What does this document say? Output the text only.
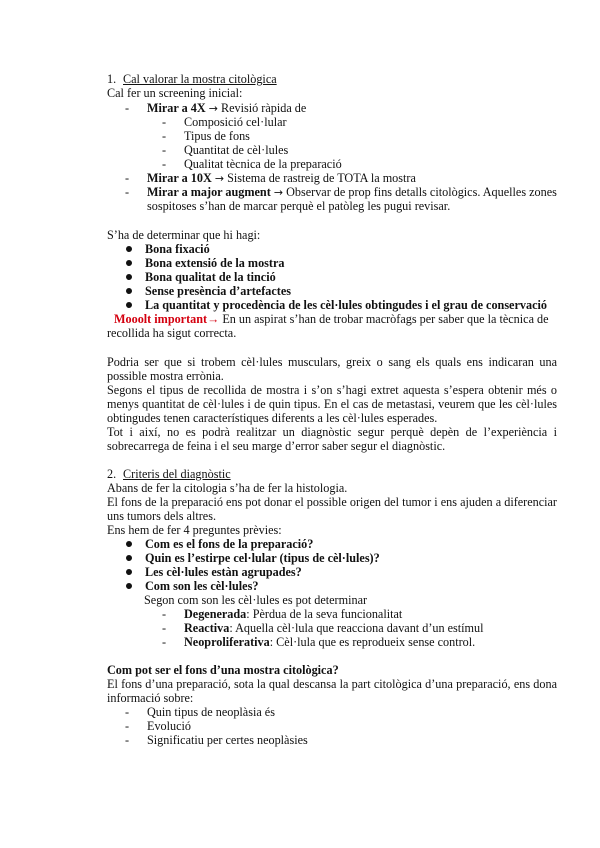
1. Cal valorar la mostra citològica
Cal fer un screening inicial:
- Mirar a 4X → Revisió ràpida de
- Composició cel·lular
- Tipus de fons
- Quantitat de cèl·lules
- Qualitat tècnica de la preparació
- Mirar a 10X → Sistema de rastreig de TOTA la mostra
- Mirar a major augment → Observar de prop fins detalls citològics. Aquelles zones
sospitoses s’han de marcar perquè el patòleg les pugui revisar.
S’ha de determinar que hi hagi:
Bona fixació
Bona extensió de la mostra
Bona qualitat de la tinció
Sense presència d’artefactes
La quantitat y procedència de les cèl·lules obtingudes i el grau de conservació
Mooolt important→ En un aspirat s’han de trobar macròfags per saber que la tècnica de
recollida ha sigut correcta.
Podria ser que si trobem cèl·lules musculars, greix o sang els quals ens indicaran una
possible mostra errònia.
Segons el tipus de recollida de mostra i s’on s’hagi extret aquesta s’espera obtenir més o
menys quantitat de cèl·lules i de quin tipus. En el cas de metastasi, veurem que les cèl·lules
obtingudes tenen característiques diferents a les cèl·lules esperades.
Tot i així, no es podrà realitzar un diagnòstic segur perquè depèn de l’experiència i
sobrecarrega de feina i el seu marge d’error saber segur el diagnòstic.
2. Criteris del diagnòstic
Abans de fer la citologia s’ha de fer la histologia.
El fons de la preparació ens pot donar el possible origen del tumor i ens ajuden a diferenciar
uns tumors dels altres.
Ens hem de fer 4 preguntes prèvies:
Com es el fons de la preparació?
Quin es l’estirpe cel·lular (tipus de cèl·lules)?
Les cèl·lules estàn agrupades?
Com son les cèl·lules?
Segon com son les cèl·lules es pot determinar
- Degenerada: Pèrdua de la seva funcionalitat
- Reactiva: Aquella cèl·lula que reacciona davant d’un estímul
- Neoproliferativa: Cèl·lula que es reprodueix sense control.
Com pot ser el fons d’una mostra citològica?
El fons d’una preparació, sota la qual descansa la part citològica d’una preparació, ens dona
informació sobre:
- Quin tipus de neoplàsia és
- Evolució
- Significatiu per certes neoplàsies
